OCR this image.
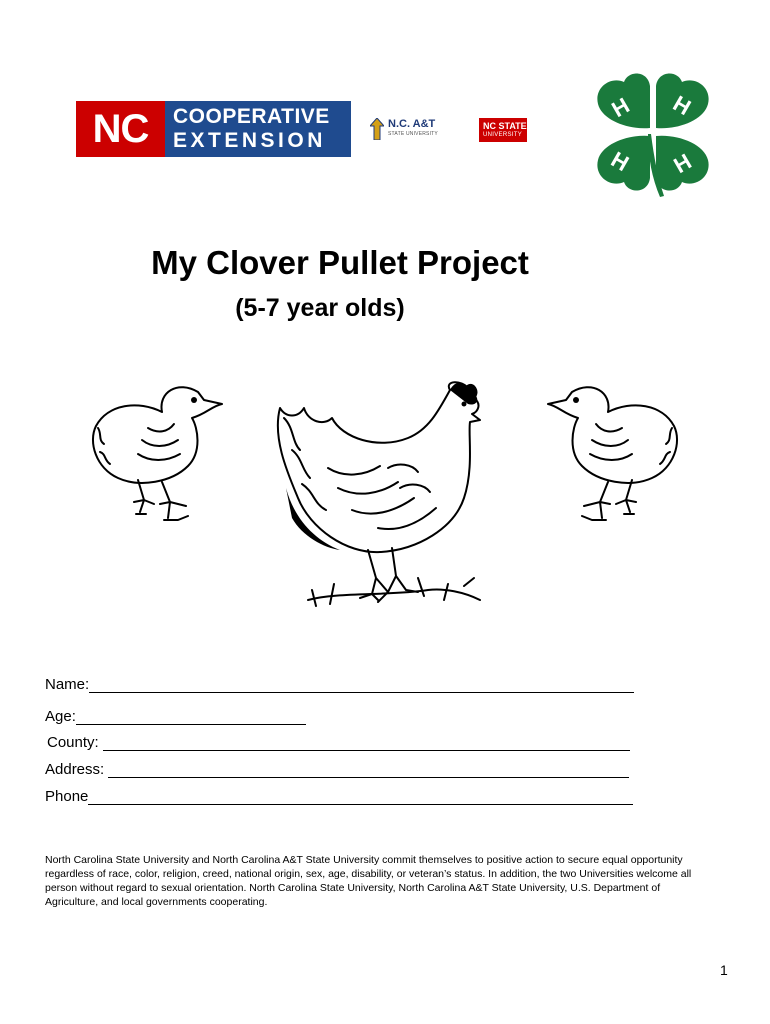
NC	COOPERATIVE
EXTENSION
N.C. A&T
STATE UNIVERSITY
NC STATE
UNIVERSITY
H H
H H
My Clover Pullet Project
(5-7 year olds)
Name:
Age:
County:
Address:
Phone
North Carolina State University and North Carolina A&T State University commit themselves to positive action to secure equal opportunity regardless of race, color, religion, creed, national origin, sex, age, disability, or veteran’s status. In addition, the two Universities welcome all person without regard to sexual orientation. North Carolina State University, North Carolina A&T State University, U.S. Department of Agriculture, and local governments cooperating.
1
